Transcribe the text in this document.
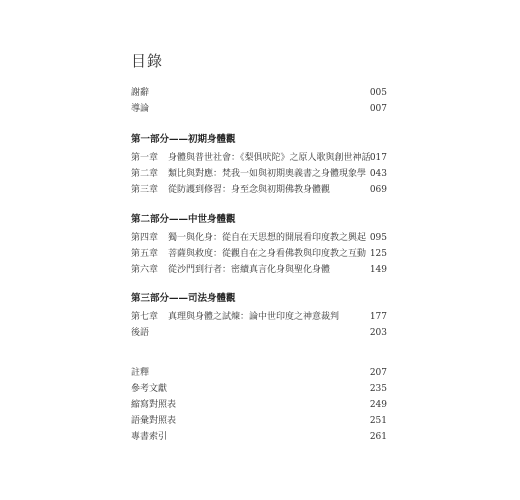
目錄
謝辭	005
導論	007
第一部分——初期身體觀
第一章 身體與普世社會：《梨俱吠陀》之原人歌與創世神話 017
第二章 類比與對應：梵我一如與初期奧義書之身體現象學 043
第三章 從防護到修習：身至念與初期佛教身體觀	069
第二部分——中世身體觀
第四章 獨一與化身：從自在天思想的開展看印度教之興起 095
第五章 菩薩與救度：從觀自在之身看佛教與印度教之互動 125
第六章 從沙門到行者：密續真言化身與聖化身體	149
第三部分——司法身體觀
第七章 真理與身體之試煉：論中世印度之神意裁判	177
後語	203
註釋	207
參考文獻	235
縮寫對照表	249
語彙對照表	251
專書索引	261
